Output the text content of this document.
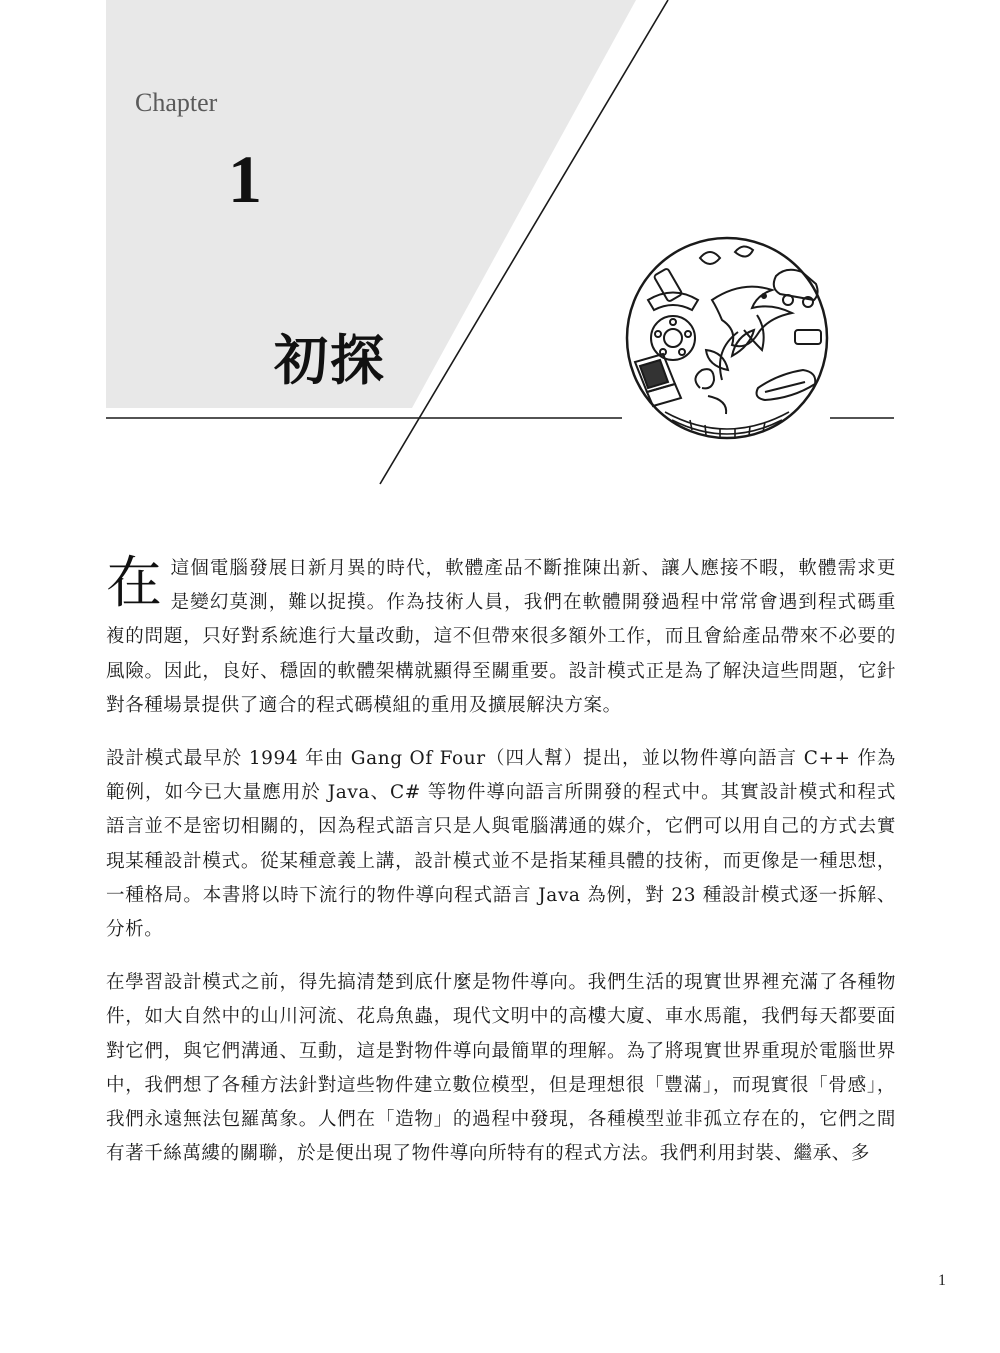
Chapter
1
初探

在這個電腦發展日新月異的時代，軟體產品不斷推陳出新、讓人應接不暇，軟體需求更是變幻莫測，難以捉摸。作為技術人員，我們在軟體開發過程中常常會遇到程式碼重複的問題，只好對系統進行大量改動，這不但帶來很多額外工作，而且會給產品帶來不必要的風險。因此，良好、穩固的軟體架構就顯得至關重要。設計模式正是為了解決這些問題，它針對各種場景提供了適合的程式碼模組的重用及擴展解決方案。

設計模式最早於 1994 年由 Gang Of Four（四人幫）提出，並以物件導向語言 C++ 作為範例，如今已大量應用於 Java、C# 等物件導向語言所開發的程式中。其實設計模式和程式語言並不是密切相關的，因為程式語言只是人與電腦溝通的媒介，它們可以用自己的方式去實現某種設計模式。從某種意義上講，設計模式並不是指某種具體的技術，而更像是一種思想，一種格局。本書將以時下流行的物件導向程式語言 Java 為例，對 23 種設計模式逐一拆解、分析。

在學習設計模式之前，得先搞清楚到底什麼是物件導向。我們生活的現實世界裡充滿了各種物件，如大自然中的山川河流、花鳥魚蟲，現代文明中的高樓大廈、車水馬龍，我們每天都要面對它們，與它們溝通、互動，這是對物件導向最簡單的理解。為了將現實世界重現於電腦世界中，我們想了各種方法針對這些物件建立數位模型，但是理想很「豐滿」，而現實很「骨感」，我們永遠無法包羅萬象。人們在「造物」的過程中發現，各種模型並非孤立存在的，它們之間有著千絲萬縷的關聯，於是便出現了物件導向所特有的程式方法。我們利用封裝、繼承、多

1
